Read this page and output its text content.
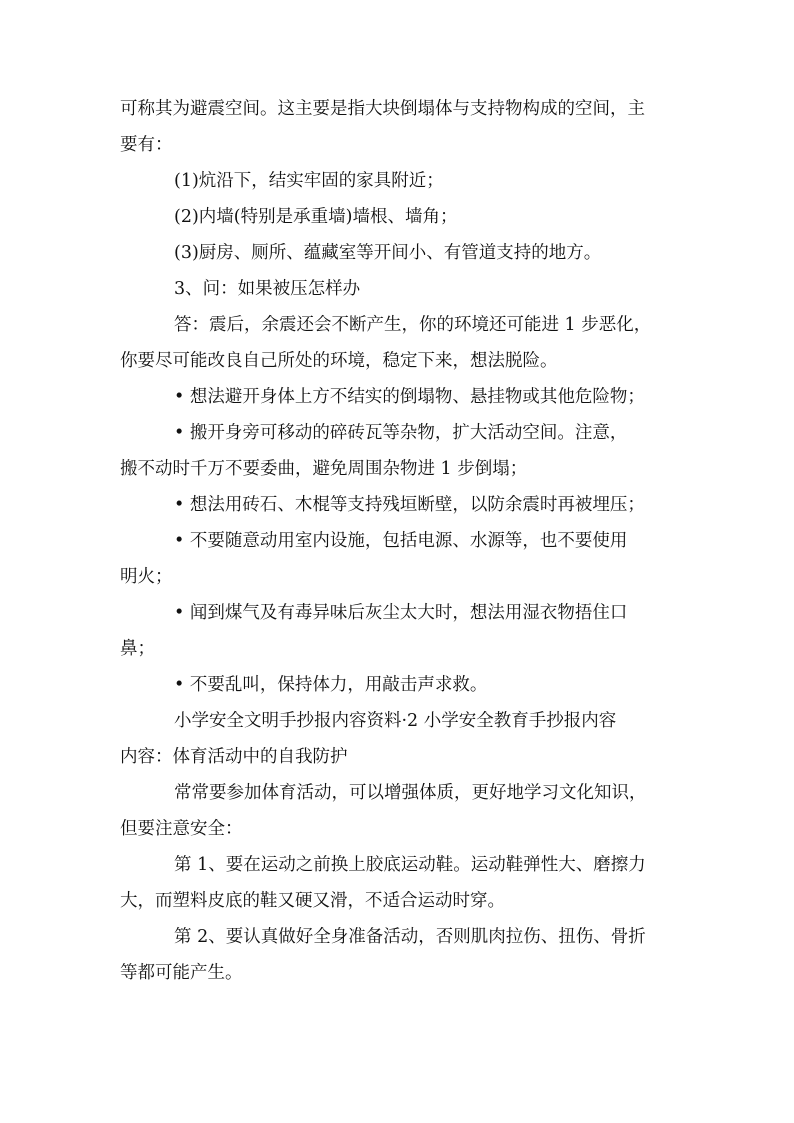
可称其为避震空间。这主要是指大块倒塌体与支持物构成的空间，主

要有：

(1)炕沿下，结实牢固的家具附近；

(2)内墙(特别是承重墙)墙根、墙角；

(3)厨房、厕所、蕴藏室等开间小、有管道支持的地方。

3、问：如果被压怎样办

答：震后，余震还会不断产生，你的环境还可能进 1 步恶化，

你要尽可能改良自己所处的环境，稳定下来，想法脱险。

• 想法避开身体上方不结实的倒塌物、悬挂物或其他危险物；

• 搬开身旁可移动的碎砖瓦等杂物，扩大活动空间。注意，

搬不动时千万不要委曲，避免周围杂物进 1 步倒塌；

• 想法用砖石、木棍等支持残垣断壁，以防余震时再被埋压；

• 不要随意动用室内设施，包括电源、水源等，也不要使用

明火；

• 闻到煤气及有毒异味后灰尘太大时，想法用湿衣物捂住口

鼻；

• 不要乱叫，保持体力，用敲击声求救。

小学安全文明手抄报内容资料·2 小学安全教育手抄报内容

内容：体育活动中的自我防护

常常要参加体育活动，可以增强体质，更好地学习文化知识，

但要注意安全：

第 1、要在运动之前换上胶底运动鞋。运动鞋弹性大、磨擦力

大，而塑料皮底的鞋又硬又滑，不适合运动时穿。

第 2、要认真做好全身准备活动，否则肌肉拉伤、扭伤、骨折

等都可能产生。
